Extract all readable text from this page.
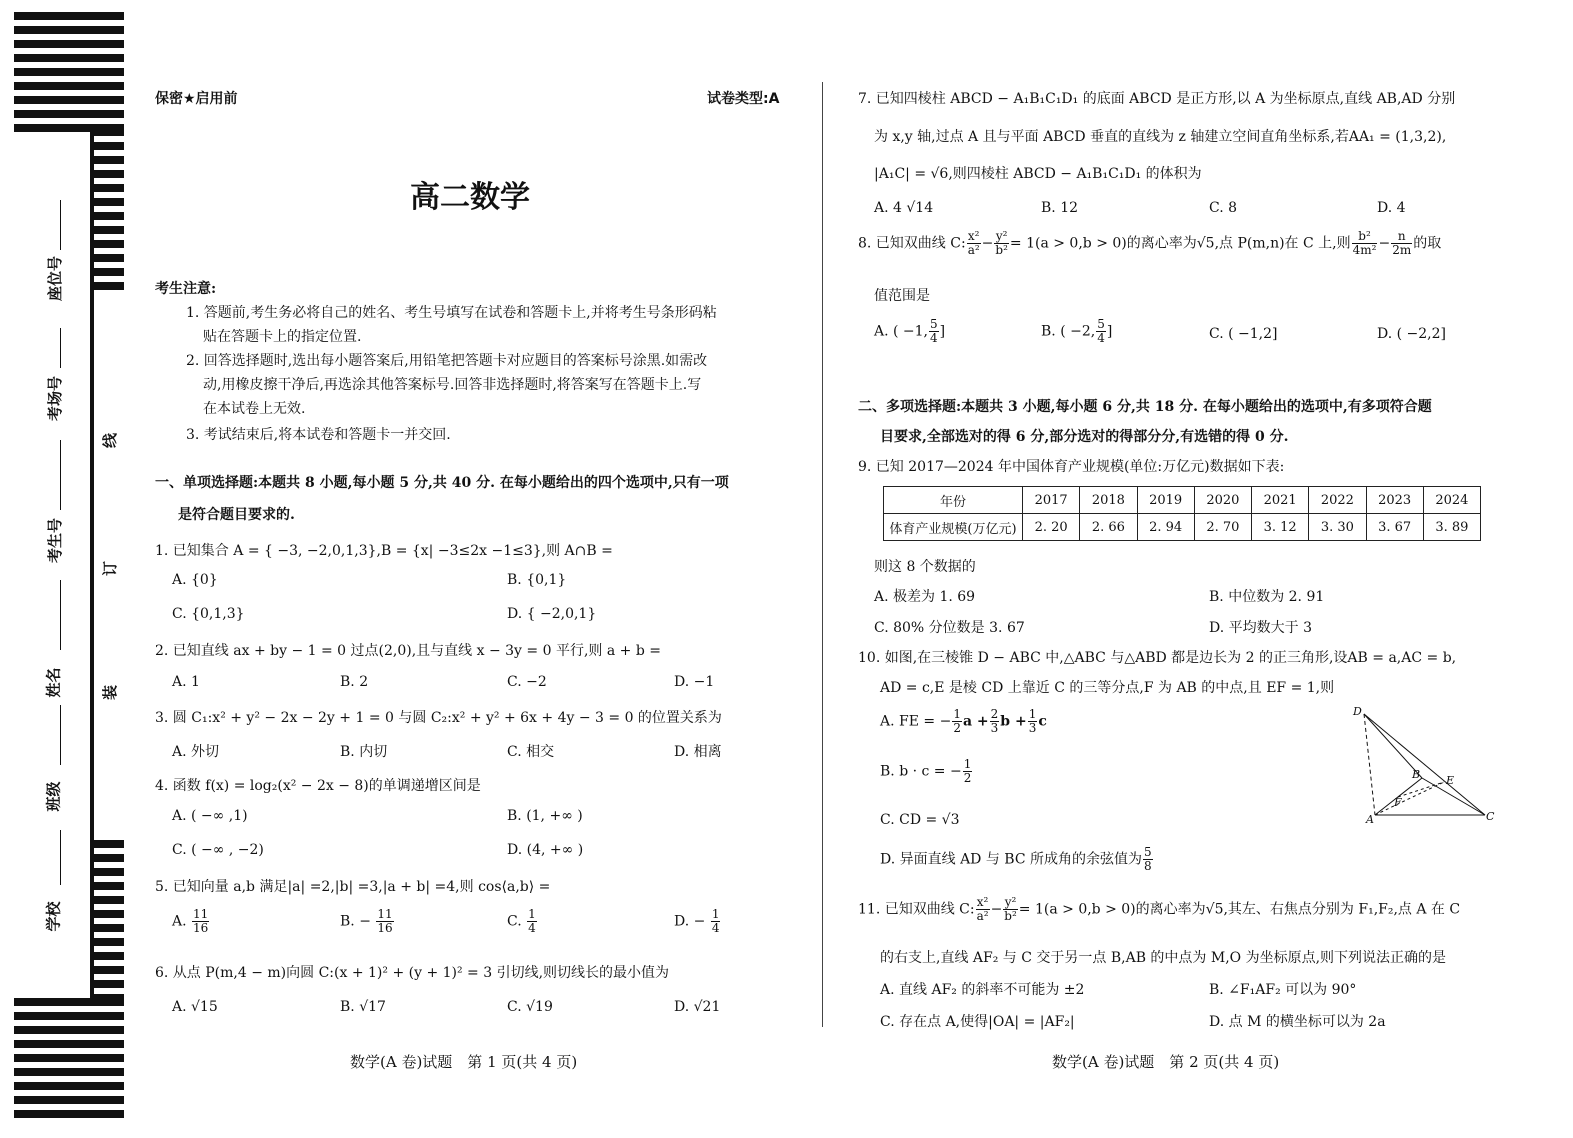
座位号
考场号
考生号
姓名
班级
学校
线
订
装
保密★启用前	试卷类型:A
高二数学
考生注意:
1. 答题前,考生务必将自己的姓名、考生号填写在试卷和答题卡上,并将考生号条形码粘
贴在答题卡上的指定位置.
2. 回答选择题时,选出每小题答案后,用铅笔把答题卡对应题目的答案标号涂黑.如需改
动,用橡皮擦干净后,再选涂其他答案标号.回答非选择题时,将答案写在答题卡上.写
在本试卷上无效.
3. 考试结束后,将本试卷和答题卡一并交回.
一、单项选择题:本题共 8 小题,每小题 5 分,共 40 分. 在每小题给出的四个选项中,只有一项
是符合题目要求的.
1. 已知集合 A = { −3, −2,0,1,3},B = {x| −3≤2x −1≤3},则 A∩B =
A. {0}	B. {0,1}
C. {0,1,3}	D. { −2,0,1}
2. 已知直线 ax + by − 1 = 0 过点(2,0),且与直线 x − 3y = 0 平行,则 a + b =
A. 1	B. 2	C. −2	D. −1
3. 圆 C₁:x² + y² − 2x − 2y + 1 = 0 与圆 C₂:x² + y² + 6x + 4y − 3 = 0 的位置关系为
A. 外切	B. 内切	C. 相交	D. 相离
4. 函数 f(x) = log₂(x² − 2x − 8)的单调递增区间是
A. ( −∞ ,1)	B. (1, +∞ )
C. ( −∞ , −2)	D. (4, +∞ )
5. 已知向量 a,b 满足|a| =2,|b| =3,|a + b| =4,则 cos⟨a,b⟩ =
A. $\frac{11}{16}$	B. − $\frac{11}{16}$	C. $\frac{1}{4}$	D. − $\frac{1}{4}$
6. 从点 P(m,4 − m)向圆 C:(x + 1)² + (y + 1)² = 3 引切线,则切线长的最小值为
A. √15	B. √17	C. √19	D. √21
数学(A 卷)试题　第 1 页(共 4 页)
7. 已知四棱柱 ABCD − A₁B₁C₁D₁ 的底面 ABCD 是正方形,以 A 为坐标原点,直线 AB,AD 分别
为 x,y 轴,过点 A 且与平面 ABCD 垂直的直线为 z 轴建立空间直角坐标系,若AA₁ = (1,3,2),
|A₁C| = √6,则四棱柱 ABCD − A₁B₁C₁D₁ 的体积为
A. 4 √14	B. 12	C. 8	D. 4
8. 已知双曲线 C: $\frac{\text{x²}}{\text{a²}} - \frac{\text{y²}}{\text{b²}} = 1(a > 0,b > 0)$的离心率为√5,点 P(m,n)在 C 上,则 $\frac{\text{b²}}{\text{4m²}} - \frac{n}{2m}$ 的取
值范围是
A. ( −1, $\frac{5}{4}$ ]	B. ( −2, $\frac{5}{4}$ ]	C. ( −1,2]	D. ( −2,2]
二、多项选择题:本题共 3 小题,每小题 6 分,共 18 分. 在每小题给出的选项中,有多项符合题
目要求,全部选对的得 6 分,部分选对的得部分分,有选错的得 0 分.
9. 已知 2017—2024 年中国体育产业规模(单位:万亿元)数据如下表:
年份	2017	2018	2019	2020	2021	2022	2023	2024
体育产业规模(万亿元)	2. 20	2. 66	2. 94	2. 70	3. 12	3. 30	3. 67	3. 89
则这 8 个数据的
A. 极差为 1. 69	B. 中位数为 2. 91
C. 80% 分位数是 3. 67	D. 平均数大于 3
10. 如图,在三棱锥 D − ABC 中,△ABC 与△ABD 都是边长为 2 的正三角形,设AB = a,AC = b,
AD = c,E 是棱 CD 上靠近 C 的三等分点,F 为 AB 的中点,且 EF = 1,则
A. FE = − $\frac{1}{2}$ $a + \frac{2}{3}$ $b + \frac{1}{3}$ c
B. b · c = − $\frac{1}{2}$
C. CD = √3
D. 异面直线 AD 与 BC 所成角的余弦值为 $\frac{5}{8}$
D
B E
F
A	C
11. 已知双曲线 C: $\frac{\text{x²}}{\text{a²}} - \frac{\text{y²}}{\text{b²}} = 1(a > 0,b > 0)$的离心率为√5,其左、右焦点分别为 F₁,F₂,点 A 在 C
的右支上,直线 AF₂ 与 C 交于另一点 B,AB 的中点为 M,O 为坐标原点,则下列说法正确的是
A. 直线 AF₂ 的斜率不可能为 ±2	B. ∠F₁AF₂ 可以为 90°
C. 存在点 A,使得|OA| = |AF₂|	D. 点 M 的横坐标可以为 2a
数学(A 卷)试题　第 2 页(共 4 页)
